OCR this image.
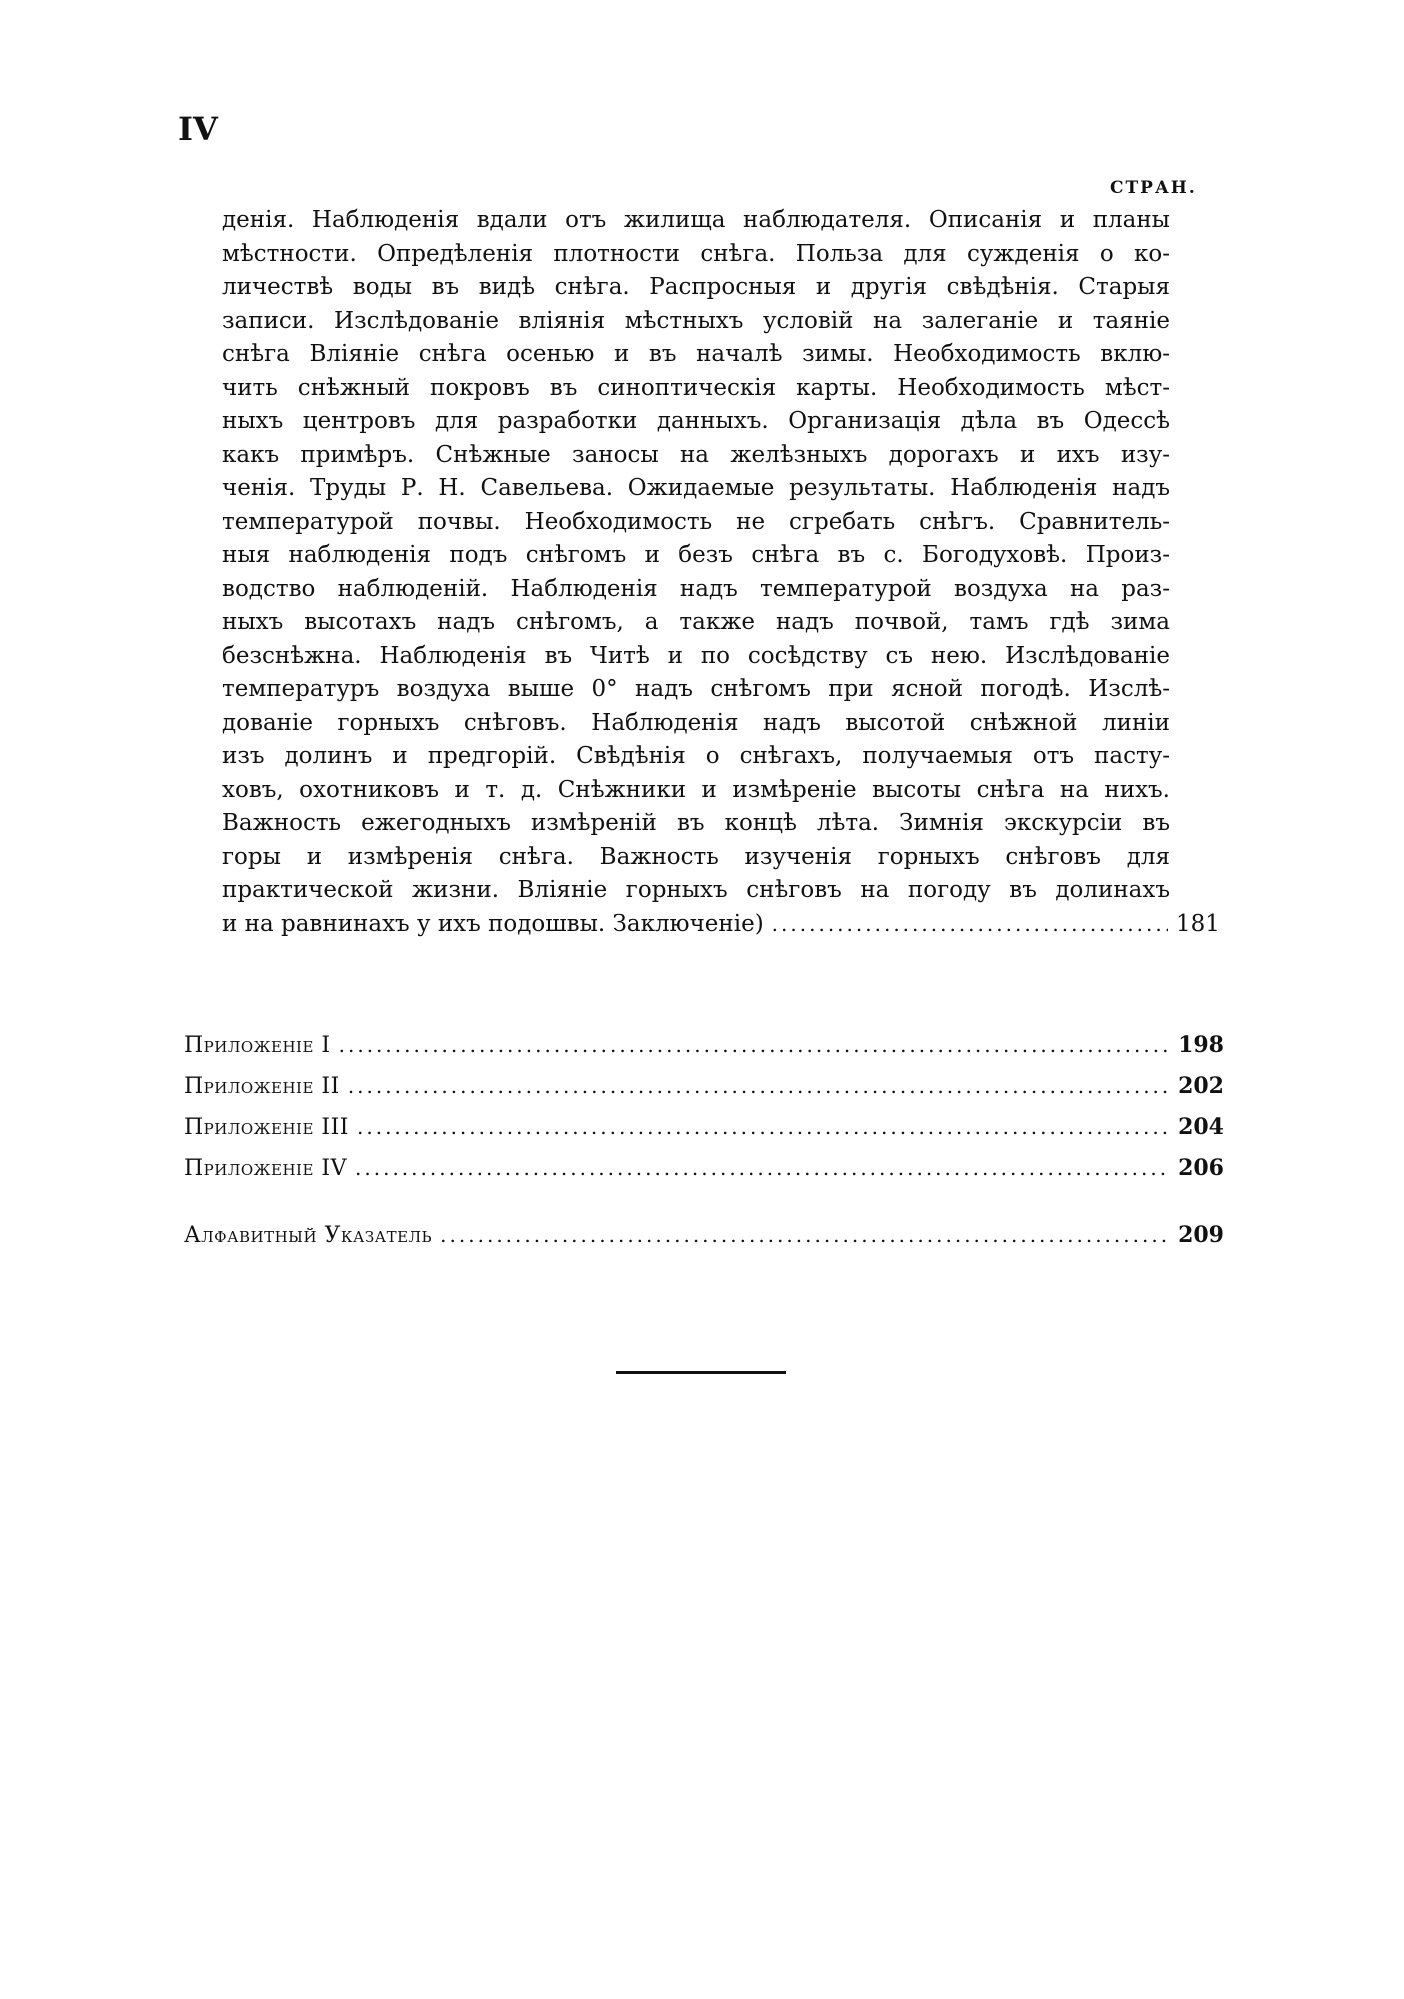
IV
СТРАН.
денія. Наблюденія вдали отъ жилища наблюдателя. Описанія и планы
мѣстности. Опредѣленія плотности снѣга. Польза для сужденія о ко-
личествѣ воды въ видѣ снѣга. Распросныя и другія свѣдѣнія. Старыя
записи. Изслѣдованіе вліянія мѣстныхъ условій на залеганіе и таяніе
снѣга Вліяніе снѣга осенью и въ началѣ зимы. Необходимость вклю-
чить снѣжный покровъ въ синоптическія карты. Необходимость мѣст-
ныхъ центровъ для разработки данныхъ. Организація дѣла въ Одессѣ
какъ примѣръ. Снѣжные заносы на желѣзныхъ дорогахъ и ихъ изу-
ченія. Труды Р. Н. Савельева. Ожидаемые результаты. Наблюденія надъ
температурой почвы. Необходимость не сгребать снѣгъ. Сравнитель-
ныя наблюденія подъ снѣгомъ и безъ снѣга въ с. Богодуховѣ. Произ-
водство наблюденій. Наблюденія надъ температурой воздуха на раз-
ныхъ высотахъ надъ снѣгомъ, а также надъ почвой, тамъ гдѣ зима
безснѣжна. Наблюденія въ Читѣ и по сосѣдству съ нею. Изслѣдованіе
температуръ воздуха выше 0° надъ снѣгомъ при ясной погодѣ. Изслѣ-
дованіе горныхъ снѣговъ. Наблюденія надъ высотой снѣжной линіи
изъ долинъ и предгорій. Свѣдѣнія о снѣгахъ, получаемыя отъ пасту-
ховъ, охотниковъ и т. д. Снѣжники и измѣреніе высоты снѣга на нихъ.
Важность ежегодныхъ измѣреній въ концѣ лѣта. Зимнія экскурсіи въ
горы и измѣренія снѣга. Важность изученія горныхъ снѣговъ для
практической жизни. Вліяніе горныхъ снѣговъ на погоду въ долинахъ
и на равнинахъ у ихъ подошвы. Заключеніе) .....	181
Приложеніе I .....	198
Приложеніе II .....	202
Приложеніе III .....	204
Приложеніе IV .....	206
Алфавитный Указатель .....	209
